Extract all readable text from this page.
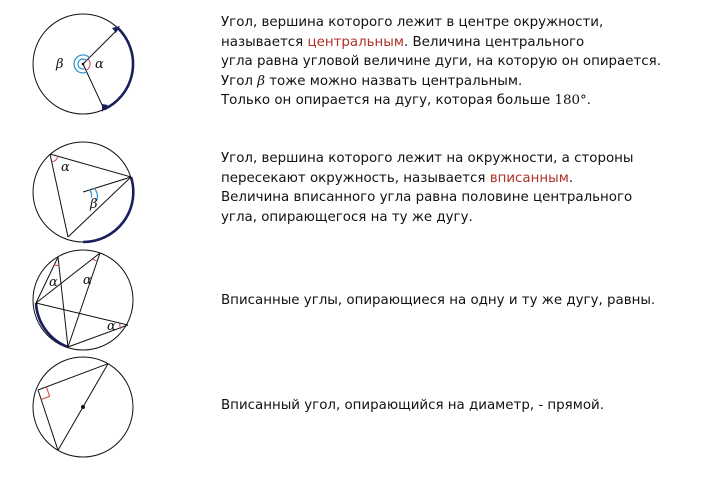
β α
Угол, вершина которого лежит в центре окружности,
называется центральным. Величина центрального
угла равна угловой величине дуги, на которую он опирается.
Угол β тоже можно назвать центральным.
Только он опирается на дугу, которая больше 180°.
α
β
Угол, вершина которого лежит на окружности, а стороны
пересекают окружность, называется вписанным.
Величина вписанного угла равна половине центрального
угла, опирающегося на ту же дугу.
α α
α
Вписанные углы, опирающиеся на одну и ту же дугу, равны.
Вписанный угол, опирающийся на диаметр, - прямой.
